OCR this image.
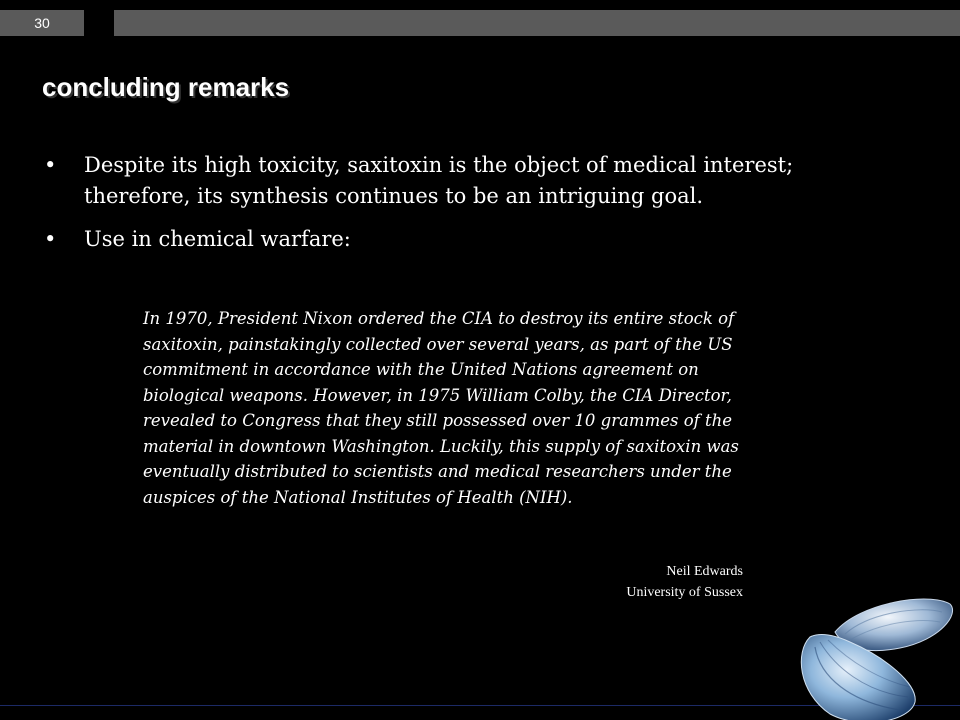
30
concluding remarks
• Despite its high toxicity, saxitoxin is the object of medical interest; therefore, its synthesis continues to be an intriguing goal.
• Use in chemical warfare:
In 1970, President Nixon ordered the CIA to destroy its entire stock of saxitoxin, painstakingly collected over several years, as part of the US commitment in accordance with the United Nations agreement on biological weapons. However, in 1975 William Colby, the CIA Director, revealed to Congress that they still possessed over 10 grammes of the material in downtown Washington. Luckily, this supply of saxitoxin was eventually distributed to scientists and medical researchers under the auspices of the National Institutes of Health (NIH).
Neil Edwards
University of Sussex
